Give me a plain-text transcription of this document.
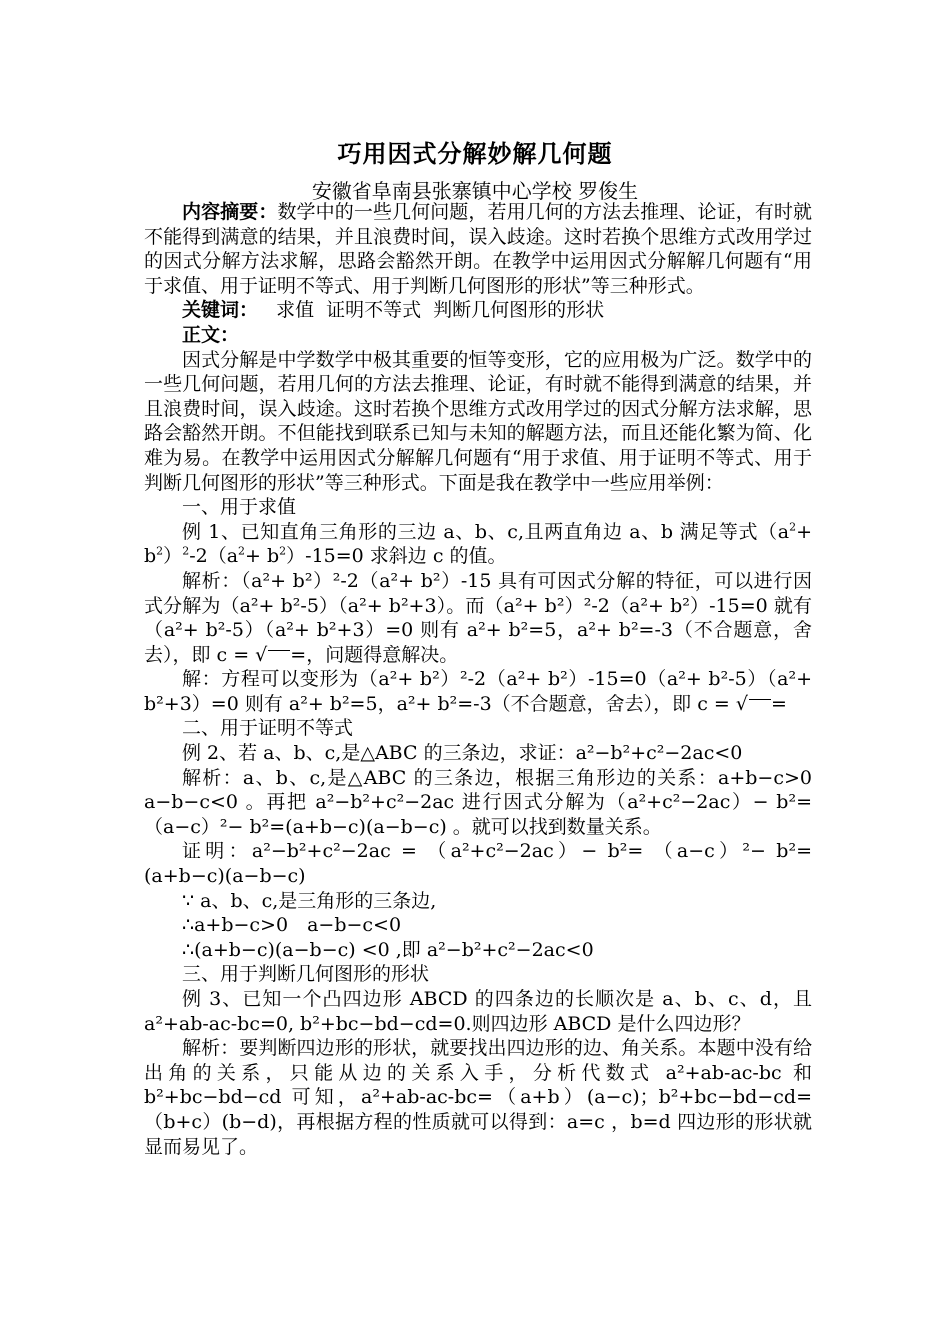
巧用因式分解妙解几何题
安徽省阜南县张寨镇中心学校 罗俊生

内容摘要：数学中的一些几何问题，若用几何的方法去推理、论证，有时就不能得到满意的结果，并且浪费时间，误入歧途。这时若换个思维方式改用学过的因式分解方法求解，思路会豁然开朗。在教学中运用因式分解解几何题有“用于求值、用于证明不等式、用于判断几何图形的形状”等三种形式。

关键词： 求值 证明不等式 判断几何图形的形状

正文：

因式分解是中学数学中极其重要的恒等变形，它的应用极为广泛。数学中的一些几何问题，若用几何的方法去推理、论证，有时就不能得到满意的结果，并且浪费时间，误入歧途。这时若换个思维方式改用学过的因式分解方法求解，思路会豁然开朗。不但能找到联系已知与未知的解题方法，而且还能化繁为简、化难为易。在教学中运用因式分解解几何题有“用于求值、用于证明不等式、用于判断几何图形的形状”等三种形式。下面是我在教学中一些应用举例：

一、用于求值

例 1、已知直角三角形的三边 a、b、c,且两直角边 a、b 满足等式$(a^2+ b^2)^2-2(a^2+ b^2)-15=0$ 求斜边 c 的值。

解析：（a²+ b²）²-2（a²+ b²）-15 具有可因式分解的特征，可以进行因式分解为（a²+ b²-5）（a²+ b²+3）。而（a²+ b²）²-2（a²+ b²）-15=0 就有（a²+ b²-5）（a²+ b²+3）=0 则有 a²+ b²=5，a²+ b²=-3（不合题意，舍去），即 c = √ =，问题得意解决。

解：方程可以变形为（a²+ b²）²-2（a²+ b²）-15=0（a²+ b²-5）（a²+ b²+3）=0 则有 a²+ b²=5，a²+ b²=-3（不合题意，舍去），即 c = √ =

二、用于证明不等式

例 2、若 a、b、c,是△ABC 的三条边，求证：a²−b²+c²−2ac<0

解析：a、b、c,是△ABC 的三条边，根据三角形边的关系：a+b−c>0 a−b−c<0 。再把 a²−b²+c²−2ac 进行因式分解为（a²+c²−2ac）− b²= （a−c）²− b²=(a+b−c)(a−b−c) 。就可以找到数量关系。

证明：a²−b²+c²−2ac = （a²+c²−2ac）− b²= （a−c）²− b²=(a+b−c)(a−b−c)

∵ a、b、c,是三角形的三条边,

∴a+b−c>0　a−b−c<0

∴(a+b−c)(a−b−c) <0 ,即 a²−b²+c²−2ac<0

三、用于判断几何图形的形状

例 3、已知一个凸四边形 ABCD 的四条边的长顺次是 a、b、c、d，且 a²+ab-ac-bc=0, b²+bc−bd−cd=0.则四边形 ABCD 是什么四边形？

解析：要判断四边形的形状，就要找出四边形的边、角关系。本题中没有给出角的关系，只能从边的关系入手，分析代数式 a²+ab-ac-bc 和 b²+bc−bd−cd 可知，a²+ab-ac-bc=（a+b）(a−c)；b²+bc−bd−cd=（b+c）(b−d)，再根据方程的性质就可以得到：a=c ，b=d 四边形的形状就显而易见了。
